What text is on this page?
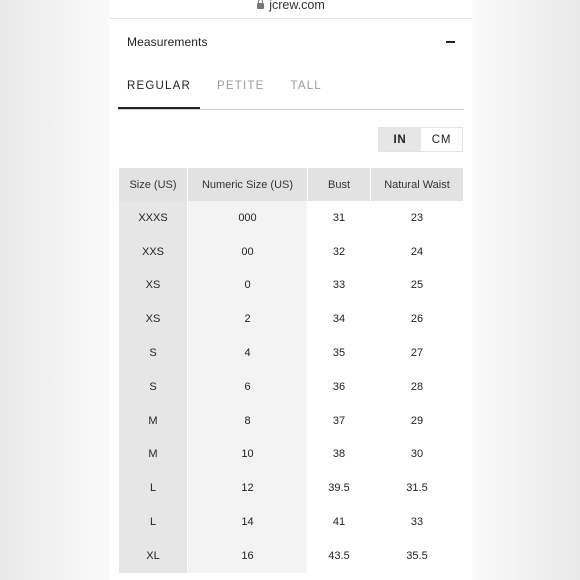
jcrew.com
Measurements
REGULAR	PETITE	TALL
IN	CM
Size (US)	Numeric Size (US)	Bust	Natural Waist
XXXS	000	31	23
XXS	00	32	24
XS	0	33	25
XS	2	34	26
S	4	35	27
S	6	36	28
M	8	37	29
M	10	38	30
L	12	39.5	31.5
L	14	41	33
XL	16	43.5	35.5
